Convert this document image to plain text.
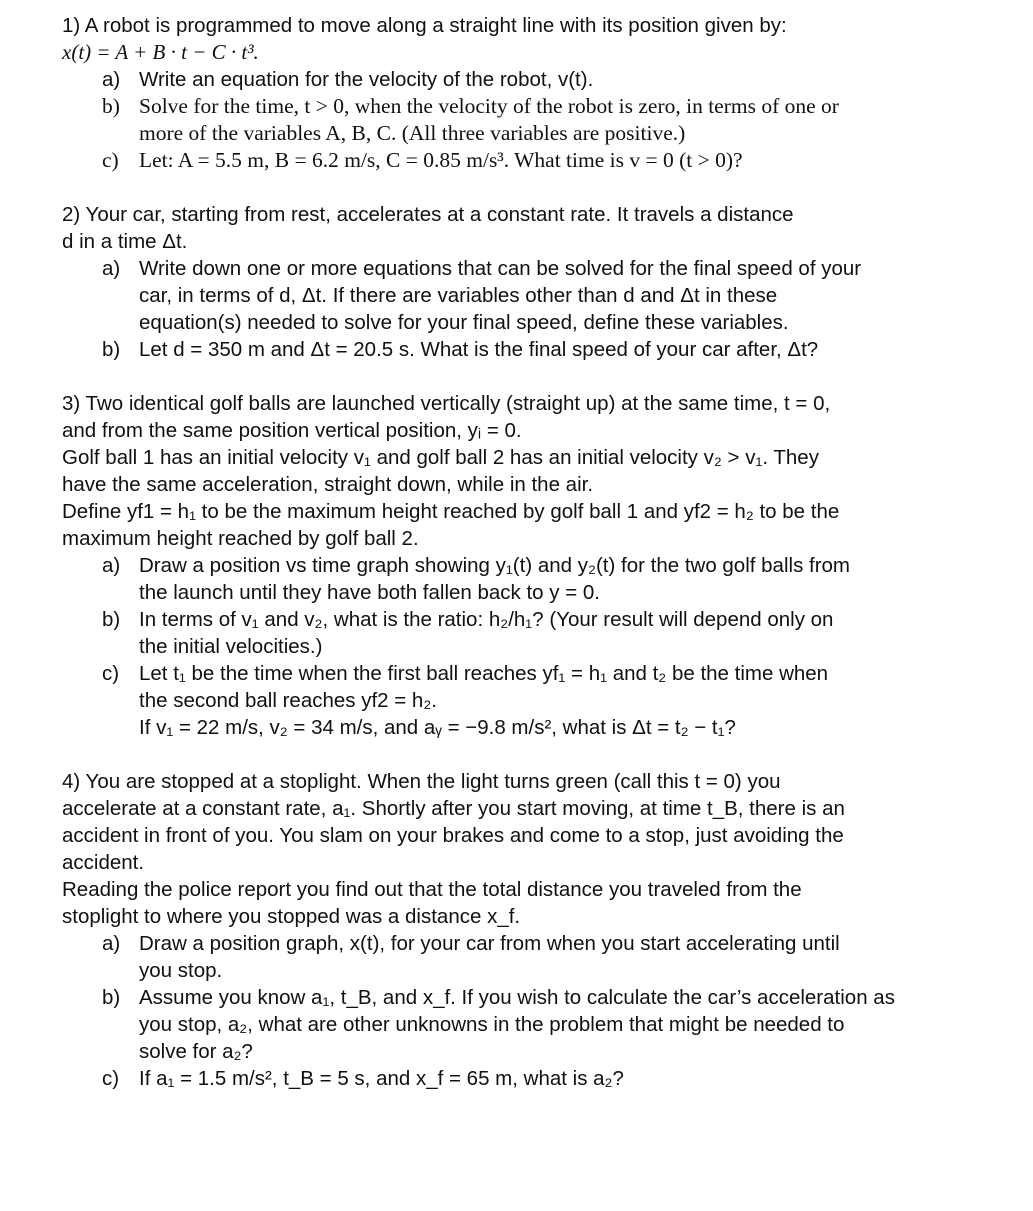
1) A robot is programmed to move along a straight line with its position given by:
x(t) = A + B · t − C · t³.
a) Write an equation for the velocity of the robot, v(t).
b) Solve for the time, t > 0, when the velocity of the robot is zero, in terms of one or
more of the variables A, B, C. (All three variables are positive.)
c) Let: A = 5.5 m, B = 6.2 m/s, C = 0.85 m/s³. What time is v = 0 (t > 0)?
2) Your car, starting from rest, accelerates at a constant rate. It travels a distance
d in a time Δt.
a) Write down one or more equations that can be solved for the final speed of your
car, in terms of d, Δt. If there are variables other than d and Δt in these
equation(s) needed to solve for your final speed, define these variables.
b) Let d = 350 m and Δt = 20.5 s. What is the final speed of your car after, Δt?
3) Two identical golf balls are launched vertically (straight up) at the same time, t = 0,
and from the same position vertical position, yᵢ = 0.
Golf ball 1 has an initial velocity v₁ and golf ball 2 has an initial velocity v₂ > v₁. They
have the same acceleration, straight down, while in the air.
Define yf1 = h₁ to be the maximum height reached by golf ball 1 and yf2 = h₂ to be the
maximum height reached by golf ball 2.
a) Draw a position vs time graph showing y₁(t) and y₂(t) for the two golf balls from
the launch until they have both fallen back to y = 0.
b) In terms of v₁ and v₂, what is the ratio: h₂/h₁? (Your result will depend only on
the initial velocities.)
c) Let t₁ be the time when the first ball reaches yf₁ = h₁ and t₂ be the time when
the second ball reaches yf2 = h₂.
If v₁ = 22 m/s, v₂ = 34 m/s, and aᵧ = −9.8 m/s², what is Δt = t₂ − t₁?
4) You are stopped at a stoplight. When the light turns green (call this t = 0) you
accelerate at a constant rate, a₁. Shortly after you start moving, at time t_B, there is an
accident in front of you. You slam on your brakes and come to a stop, just avoiding the
accident.
Reading the police report you find out that the total distance you traveled from the
stoplight to where you stopped was a distance x_f.
a) Draw a position graph, x(t), for your car from when you start accelerating until
you stop.
b) Assume you know a₁, t_B, and x_f. If you wish to calculate the car’s acceleration as
you stop, a₂, what are other unknowns in the problem that might be needed to
solve for a₂?
c) If a₁ = 1.5 m/s², t_B = 5 s, and x_f = 65 m, what is a₂?
